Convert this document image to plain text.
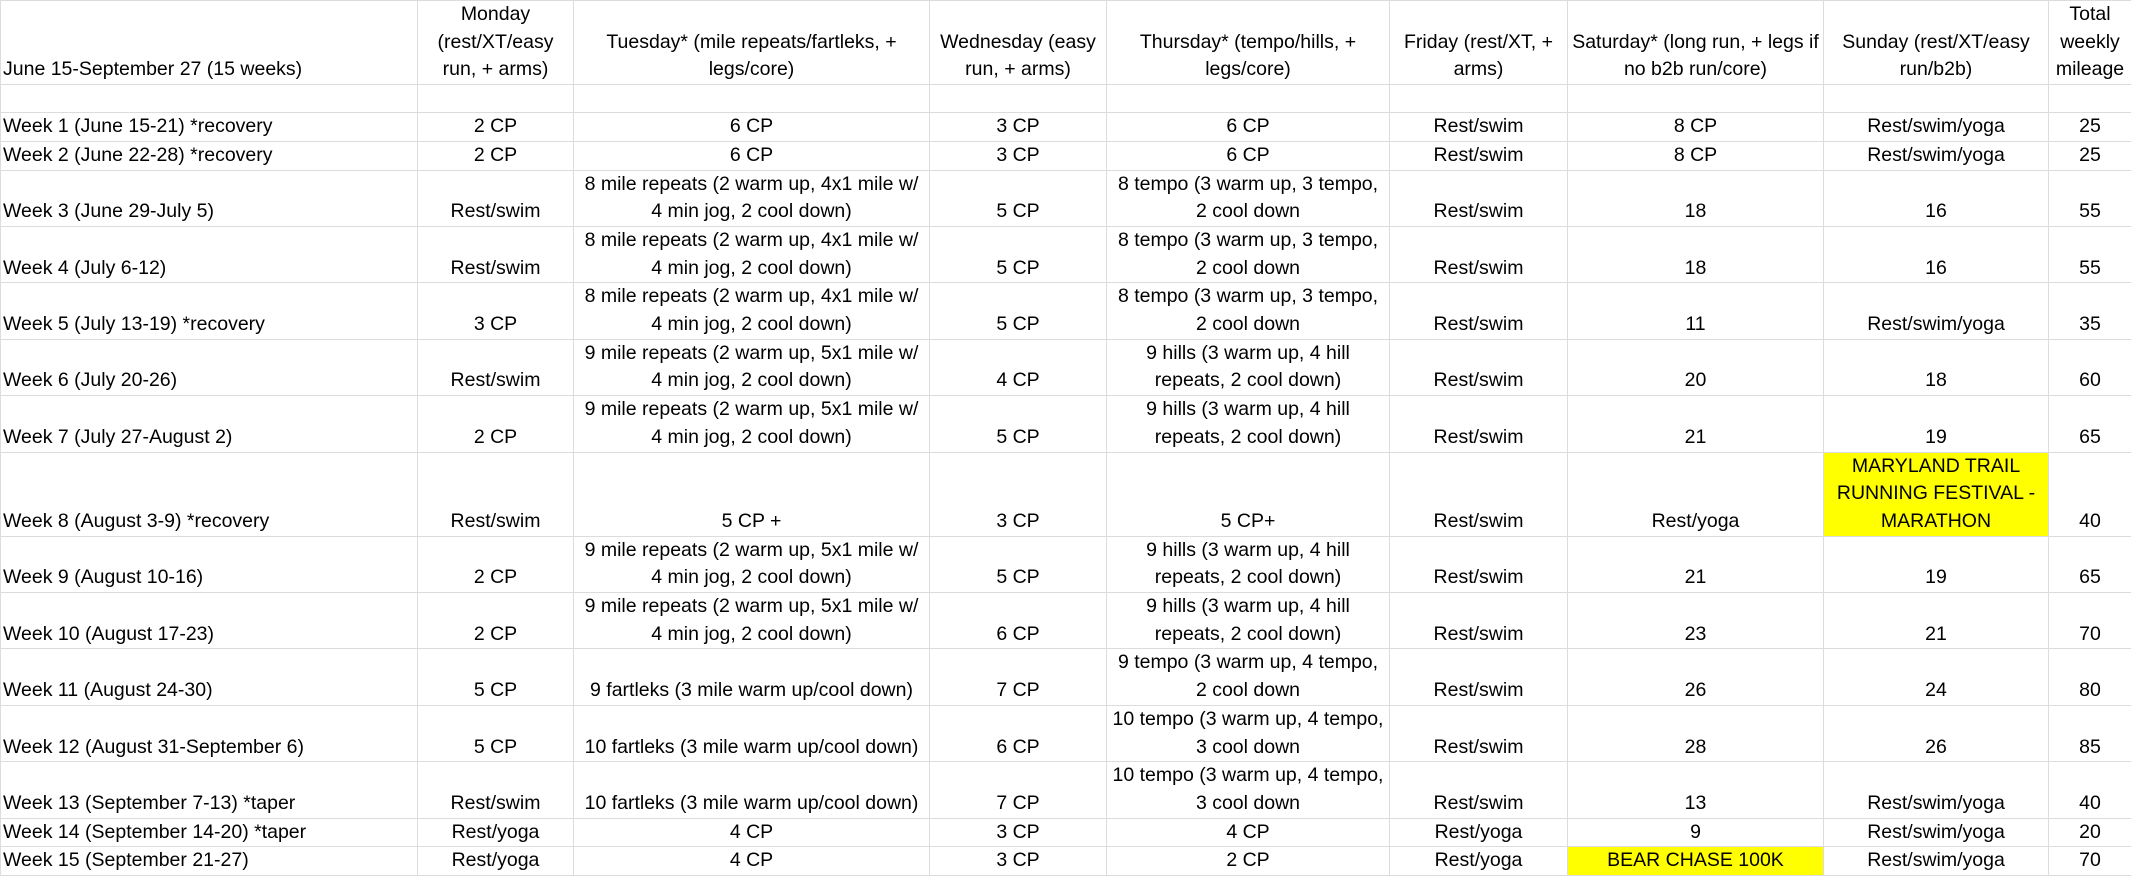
June 15-September 27 (15 weeks)	Monday (rest/XT/easy run, + arms)	Tuesday* (mile repeats/fartleks, + legs/core)	Wednesday (easy run, + arms)	Thursday* (tempo/hills, + legs/core)	Friday (rest/XT, + arms)	Saturday* (long run, + legs if no b2b run/core)	Sunday (rest/XT/easy run/b2b)	Total weekly mileage

Week 1 (June 15-21) *recovery	2 CP	6 CP	3 CP	6 CP	Rest/swim	8 CP	Rest/swim/yoga	25
Week 2 (June 22-28) *recovery	2 CP	6 CP	3 CP	6 CP	Rest/swim	8 CP	Rest/swim/yoga	25
Week 3 (June 29-July 5)	Rest/swim	8 mile repeats (2 warm up, 4x1 mile w/ 4 min jog, 2 cool down)	5 CP	8 tempo (3 warm up, 3 tempo, 2 cool down	Rest/swim	18	16	55
Week 4 (July 6-12)	Rest/swim	8 mile repeats (2 warm up, 4x1 mile w/ 4 min jog, 2 cool down)	5 CP	8 tempo (3 warm up, 3 tempo, 2 cool down	Rest/swim	18	16	55
Week 5 (July 13-19) *recovery	3 CP	8 mile repeats (2 warm up, 4x1 mile w/ 4 min jog, 2 cool down)	5 CP	8 tempo (3 warm up, 3 tempo, 2 cool down	Rest/swim	11	Rest/swim/yoga	35
Week 6 (July 20-26)	Rest/swim	9 mile repeats (2 warm up, 5x1 mile w/ 4 min jog, 2 cool down)	4 CP	9 hills (3 warm up, 4 hill repeats, 2 cool down)	Rest/swim	20	18	60
Week 7 (July 27-August 2)	2 CP	9 mile repeats (2 warm up, 5x1 mile w/ 4 min jog, 2 cool down)	5 CP	9 hills (3 warm up, 4 hill repeats, 2 cool down)	Rest/swim	21	19	65
Week 8 (August 3-9) *recovery	Rest/swim	5 CP +	3 CP	5 CP+	Rest/swim	Rest/yoga	MARYLAND TRAIL RUNNING FESTIVAL - MARATHON	40
Week 9 (August 10-16)	2 CP	9 mile repeats (2 warm up, 5x1 mile w/ 4 min jog, 2 cool down)	5 CP	9 hills (3 warm up, 4 hill repeats, 2 cool down)	Rest/swim	21	19	65
Week 10 (August 17-23)	2 CP	9 mile repeats (2 warm up, 5x1 mile w/ 4 min jog, 2 cool down)	6 CP	9 hills (3 warm up, 4 hill repeats, 2 cool down)	Rest/swim	23	21	70
Week 11 (August 24-30)	5 CP	9 fartleks (3 mile warm up/cool down)	7 CP	9 tempo (3 warm up, 4 tempo, 2 cool down	Rest/swim	26	24	80
Week 12 (August 31-September 6)	5 CP	10 fartleks (3 mile warm up/cool down)	6 CP	10 tempo (3 warm up, 4 tempo, 3 cool down	Rest/swim	28	26	85
Week 13 (September 7-13) *taper	Rest/swim	10 fartleks (3 mile warm up/cool down)	7 CP	10 tempo (3 warm up, 4 tempo, 3 cool down	Rest/swim	13	Rest/swim/yoga	40
Week 14 (September 14-20) *taper	Rest/yoga	4 CP	3 CP	4 CP	Rest/yoga	9	Rest/swim/yoga	20
Week 15 (September 21-27)	Rest/yoga	4 CP	3 CP	2 CP	Rest/yoga	BEAR CHASE 100K	Rest/swim/yoga	70
